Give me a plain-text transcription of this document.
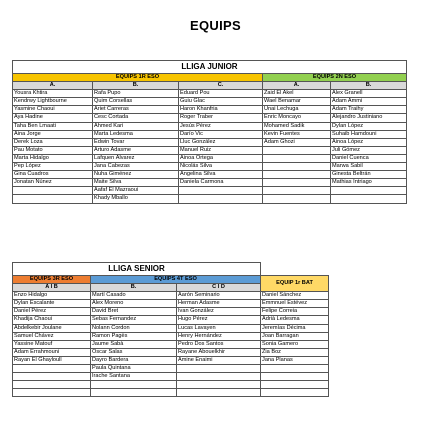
EQUIPS
LLIGA JUNIOR				
EQUIPS 1R ESO			EQUIPS 2N ESO	
A.	B.	C.	A.	B.
Yousra Khtira	Rafa Pupo	Eduard Pou	Zaid El Akel	Àlex Granell
Kendrwy Lightbourne	Quim Corsellas	Guiu Glac	Wael Benamar	Adam Ammi
Yasmine Chaoui	Ariet Carreras	Haron Khanfria	Unai Lechuga	Adam Traihy
Aya Hadine	Cesc Cortada	Roger Traber	Enric Moncayo	Alejandro Justiniano
Taha Ben Lmaati	Ahmed Kari	Jesús Pérez	Mohamed Sadik	Dylan López
Aina Jorge	Marta Ledesma	Darío Vic	Kevin Fuentes	Suhaib Hamdouni
Derek Loza	Edwin Tovar	Lluc González	Adam Ghozi	Ainoa López
Pau Motato	Arturo Adasme	Manuel Ruiz		Juli Gómez
Marta Hidalgo	Lafquen Álvarez	Ainoa Ortega		Daniel Cuenca
Pep López	Jana Cabezas	Nicolás Silva		Marwa Sabil
Gina Cuadros	Nuha Giménez	Angelina Silva		Ginesta Beltrán
Jonatan Núnez	Maite Silva	Daniela Carmona		Mathias Intriago
	Aafaf El Mazraoui			
	Khady Mballo			
LLIGA SENIOR			
EQUIPS 3R ESO	EQUIPS 4T ESO		EQUIP 1r BAT
A I B	B.	C I D	
Enzo Hidalgo	Martí Casado	Aarón Seminario	Daniel Sánchez
Dylan Escalante	Alex Moreno	Herman Adasme	Emmnuel Estévez
Daniel Pérez	David Bret	Ivan González	Felipe Correia
Khadija Chaoui	Sebas Fernandez	Hugo Pérez	Adrià Ledesma
Abdelkebir Joulane	Nolann Cordon	Lucas Lavayen	Jeremías Décima
Samuel Chávez	Ramon Pagès	Henry Hernández	Joan Barragan
Yassine Matouf	Jaume Sabà	Pedro Dos Santos	Sonia Gamero
Adam Errahmouni	Òscar Salas	Rayane Abouelkhir	Zia Boz
Rayan El Ghayloull	Dayro Bardera	Amine Enaimi	Jana Planas
	Paula Quintana		
	Irache Santana		
